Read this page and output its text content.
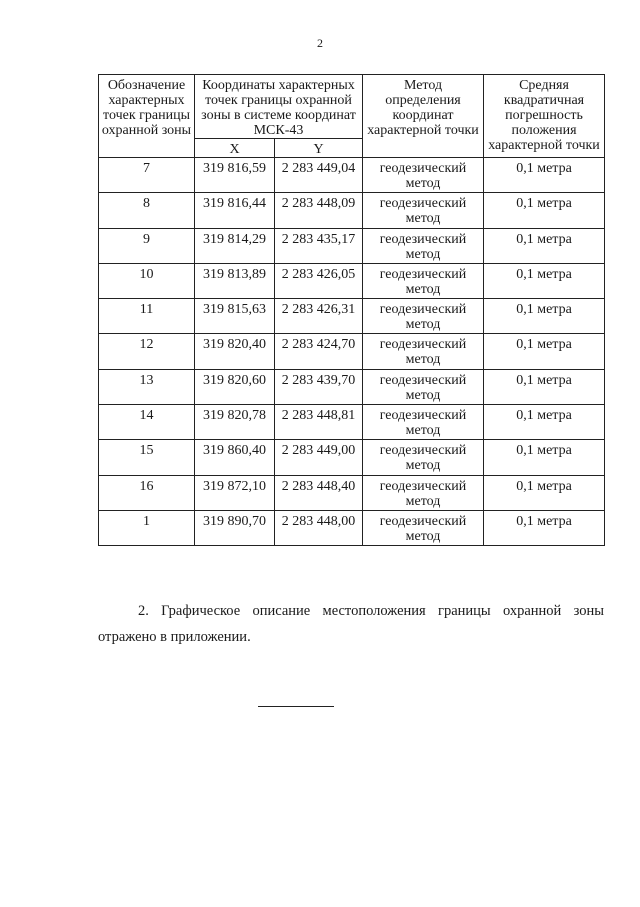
2
Обозначение характерных точек границы охранной зоны	Координаты характерных точек границы охранной зоны в системе координат МСК-43		Метод определения координат характерной точки	Средняя квадратичная погрешность положения характерной точки
	X	Y		
7	319 816,59	2 283 449,04	геодезический метод	0,1 метра
8	319 816,44	2 283 448,09	геодезический метод	0,1 метра
9	319 814,29	2 283 435,17	геодезический метод	0,1 метра
10	319 813,89	2 283 426,05	геодезический метод	0,1 метра
11	319 815,63	2 283 426,31	геодезический метод	0,1 метра
12	319 820,40	2 283 424,70	геодезический метод	0,1 метра
13	319 820,60	2 283 439,70	геодезический метод	0,1 метра
14	319 820,78	2 283 448,81	геодезический метод	0,1 метра
15	319 860,40	2 283 449,00	геодезический метод	0,1 метра
16	319 872,10	2 283 448,40	геодезический метод	0,1 метра
1	319 890,70	2 283 448,00	геодезический метод	0,1 метра
2. Графическое описание местоположения границы охранной зоны отражено в приложении.
